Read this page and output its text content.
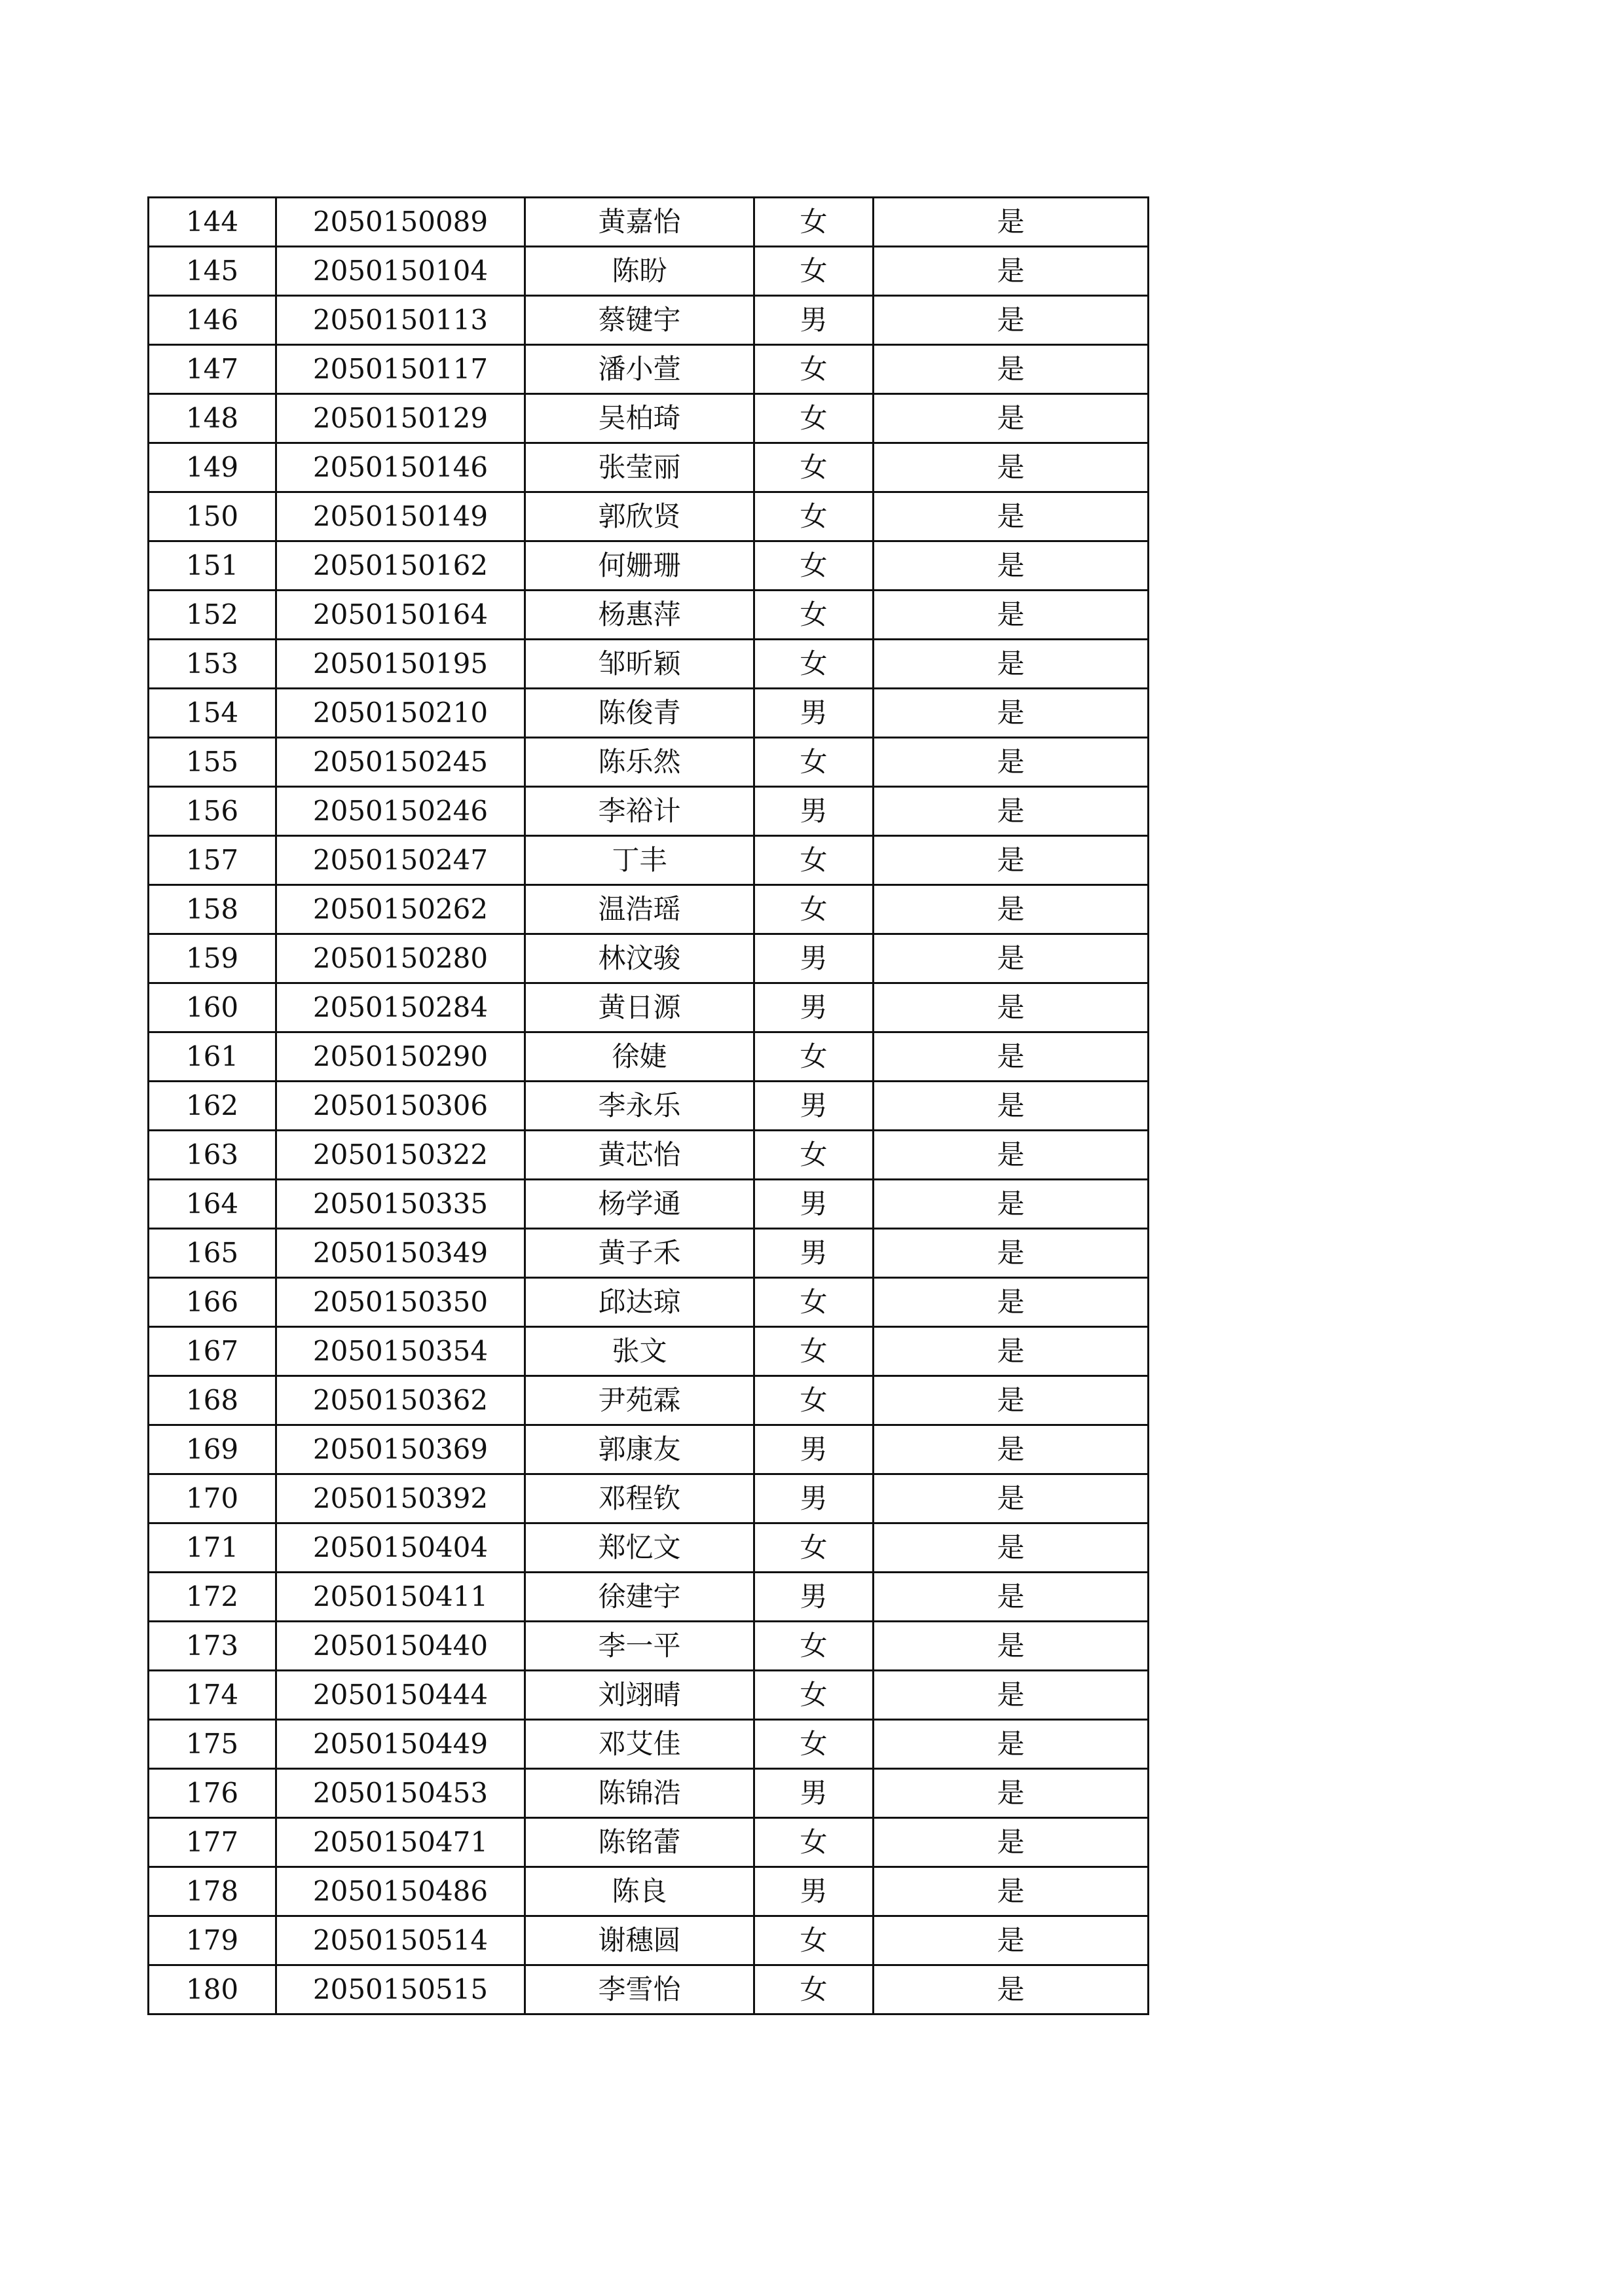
144	2050150089	黄嘉怡	女	是
145	2050150104	陈盼	女	是
146	2050150113	蔡键宇	男	是
147	2050150117	潘小萱	女	是
148	2050150129	吴柏琦	女	是
149	2050150146	张莹丽	女	是
150	2050150149	郭欣贤	女	是
151	2050150162	何姗珊	女	是
152	2050150164	杨惠萍	女	是
153	2050150195	邹昕颖	女	是
154	2050150210	陈俊青	男	是
155	2050150245	陈乐然	女	是
156	2050150246	李裕计	男	是
157	2050150247	丁丰	女	是
158	2050150262	温浩瑶	女	是
159	2050150280	林汶骏	男	是
160	2050150284	黄日源	男	是
161	2050150290	徐婕	女	是
162	2050150306	李永乐	男	是
163	2050150322	黄芯怡	女	是
164	2050150335	杨学通	男	是
165	2050150349	黄子禾	男	是
166	2050150350	邱达琼	女	是
167	2050150354	张文	女	是
168	2050150362	尹苑霖	女	是
169	2050150369	郭康友	男	是
170	2050150392	邓程钦	男	是
171	2050150404	郑忆文	女	是
172	2050150411	徐建宇	男	是
173	2050150440	李一平	女	是
174	2050150444	刘翊晴	女	是
175	2050150449	邓艾佳	女	是
176	2050150453	陈锦浩	男	是
177	2050150471	陈铭蕾	女	是
178	2050150486	陈良	男	是
179	2050150514	谢穗圆	女	是
180	2050150515	李雪怡	女	是
